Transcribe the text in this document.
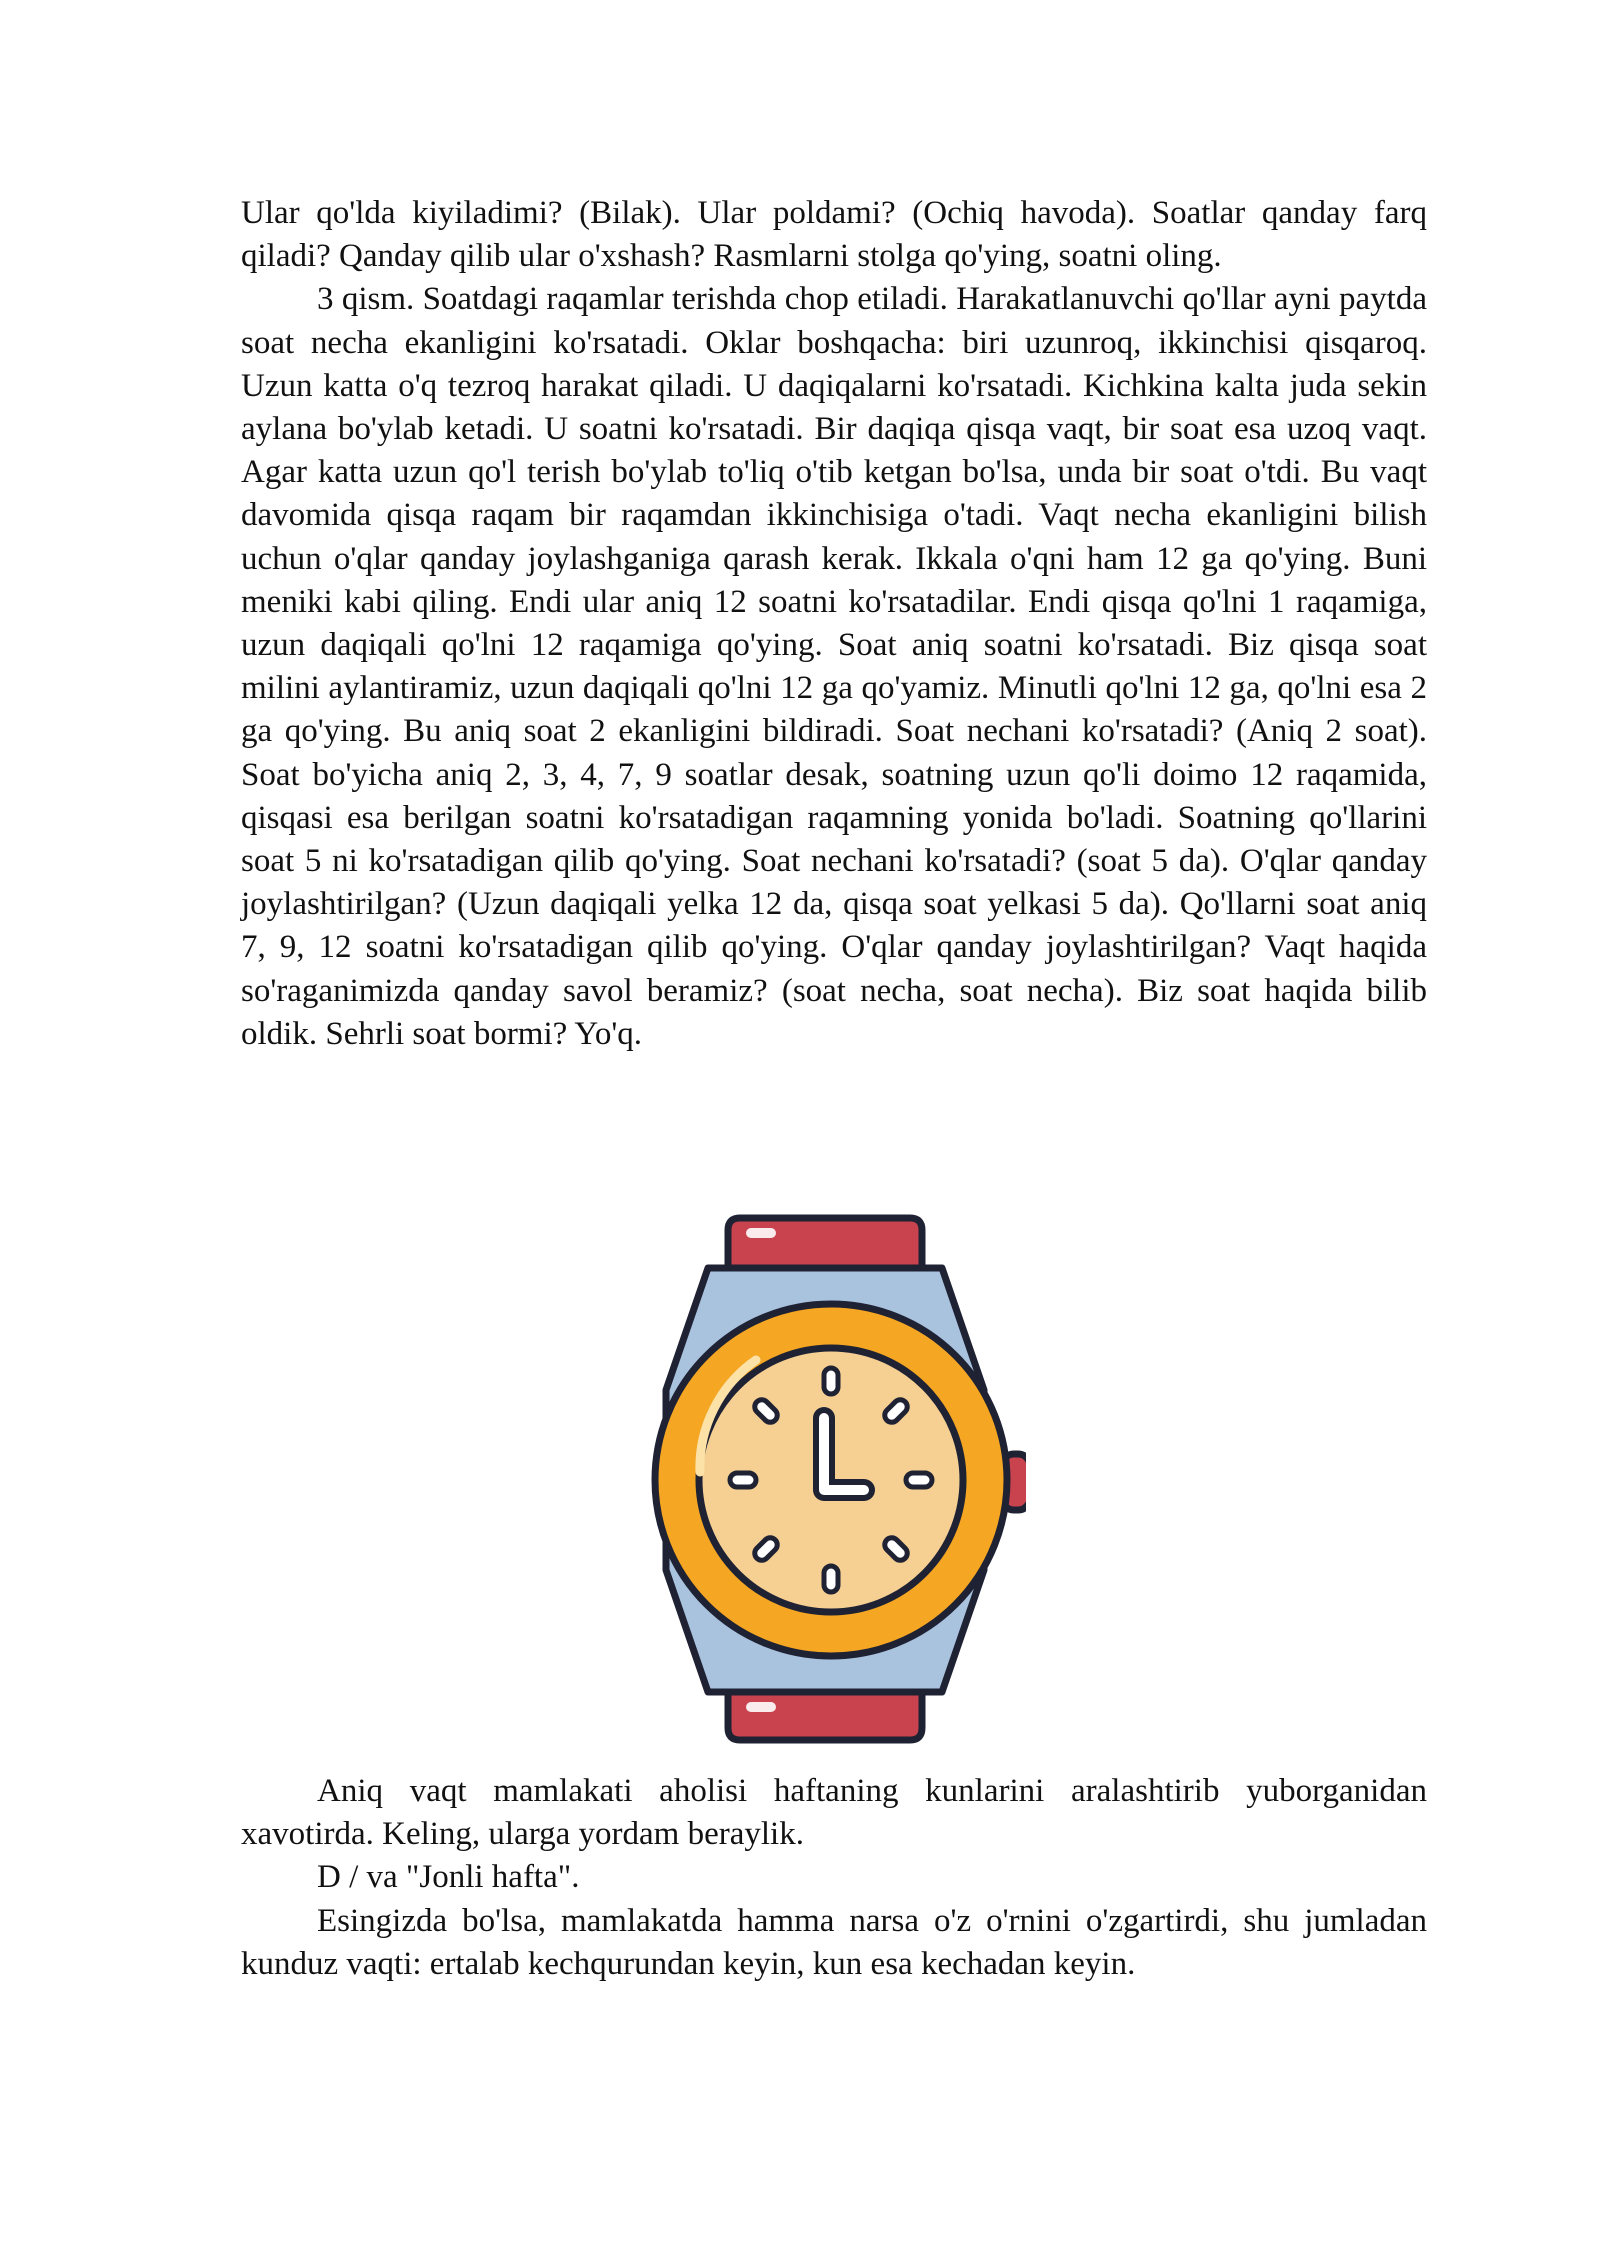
Ular qo'lda kiyiladimi? (Bilak). Ular poldami? (Ochiq havoda). Soatlar qanday farq qiladi? Qanday qilib ular o'xshash? Rasmlarni stolga qo'ying, soatni oling.

3 qism. Soatdagi raqamlar terishda chop etiladi. Harakatlanuvchi qo'llar ayni paytda soat necha ekanligini ko'rsatadi. Oklar boshqacha: biri uzunroq, ikkinchisi qisqaroq. Uzun katta o'q tezroq harakat qiladi. U daqiqalarni ko'rsatadi. Kichkina kalta juda sekin aylana bo'ylab ketadi. U soatni ko'rsatadi. Bir daqiqa qisqa vaqt, bir soat esa uzoq vaqt. Agar katta uzun qo'l terish bo'ylab to'liq o'tib ketgan bo'lsa, unda bir soat o'tdi. Bu vaqt davomida qisqa raqam bir raqamdan ikkinchisiga o'tadi. Vaqt necha ekanligini bilish uchun o'qlar qanday joylashganiga qarash kerak. Ikkala o'qni ham 12 ga qo'ying. Buni meniki kabi qiling. Endi ular aniq 12 soatni ko'rsatadilar. Endi qisqa qo'lni 1 raqamiga, uzun daqiqali qo'lni 12 raqamiga qo'ying. Soat aniq soatni ko'rsatadi. Biz qisqa soat milini aylantiramiz, uzun daqiqali qo'lni 12 ga qo'yamiz. Minutli qo'lni 12 ga, qo'lni esa 2 ga qo'ying. Bu aniq soat 2 ekanligini bildiradi. Soat nechani ko'rsatadi? (Aniq 2 soat). Soat bo'yicha aniq 2, 3, 4, 7, 9 soatlar desak, soatning uzun qo'li doimo 12 raqamida, qisqasi esa berilgan soatni ko'rsatadigan raqamning yonida bo'ladi. Soatning qo'llarini soat 5 ni ko'rsatadigan qilib qo'ying. Soat nechani ko'rsatadi? (soat 5 da). O'qlar qanday joylashtirilgan? (Uzun daqiqali yelka 12 da, qisqa soat yelkasi 5 da). Qo'llarni soat aniq 7, 9, 12 soatni ko'rsatadigan qilib qo'ying. O'qlar qanday joylashtirilgan? Vaqt haqida so'raganimizda qanday savol beramiz? (soat necha, soat necha). Biz soat haqida bilib oldik. Sehrli soat bormi? Yo'q.

Aniq vaqt mamlakati aholisi haftaning kunlarini aralashtirib yuborganidan xavotirda. Keling, ularga yordam beraylik.

D / va "Jonli hafta".

Esingizda bo'lsa, mamlakatda hamma narsa o'z o'rnini o'zgartirdi, shu jumladan kunduz vaqti: ertalab kechqurundan keyin, kun esa kechadan keyin.
